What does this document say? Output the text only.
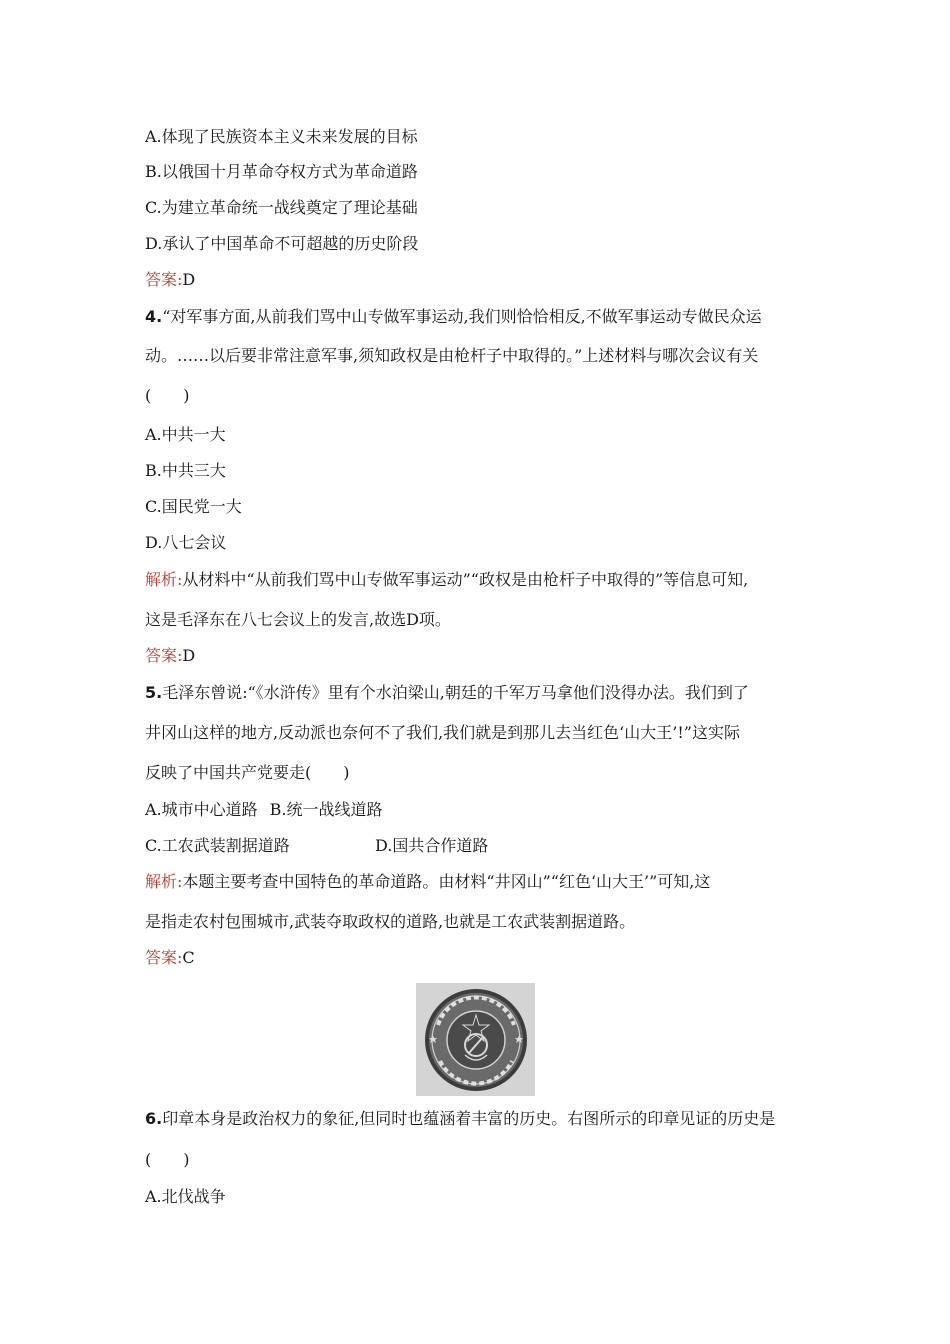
A.体现了民族资本主义未来发展的目标
B.以俄国十月革命夺权方式为革命道路
C.为建立革命统一战线奠定了理论基础
D.承认了中国革命不可超越的历史阶段
答案:D
4.“对军事方面,从前我们骂中山专做军事运动,我们则恰恰相反,不做军事运动专做民众运
动。……以后要非常注意军事,须知政权是由枪杆子中取得的。”上述材料与哪次会议有关
(　　)
A.中共一大
B.中共三大
C.国民党一大
D.八七会议
解析:从材料中“从前我们骂中山专做军事运动”“政权是由枪杆子中取得的”等信息可知,
这是毛泽东在八七会议上的发言,故选D项。
答案:D
5.毛泽东曾说:“《水浒传》里有个水泊梁山,朝廷的千军万马拿他们没得办法。我们到了
井冈山这样的地方,反动派也奈何不了我们,我们就是到那儿去当红色‘山大王’!”这实际
反映了中国共产党要走(　　)
A.城市中心道路 B.统一战线道路
C.工农武装割据道路	D.国共合作道路
解析:本题主要考查中国特色的革命道路。由材料“井冈山”“红色‘山大王’”可知,这
是指走农村包围城市,武装夺取政权的道路,也就是工农武装割据道路。
答案:C
6.印章本身是政治权力的象征,但同时也蕴涵着丰富的历史。右图所示的印章见证的历史是
(　　)
A.北伐战争
